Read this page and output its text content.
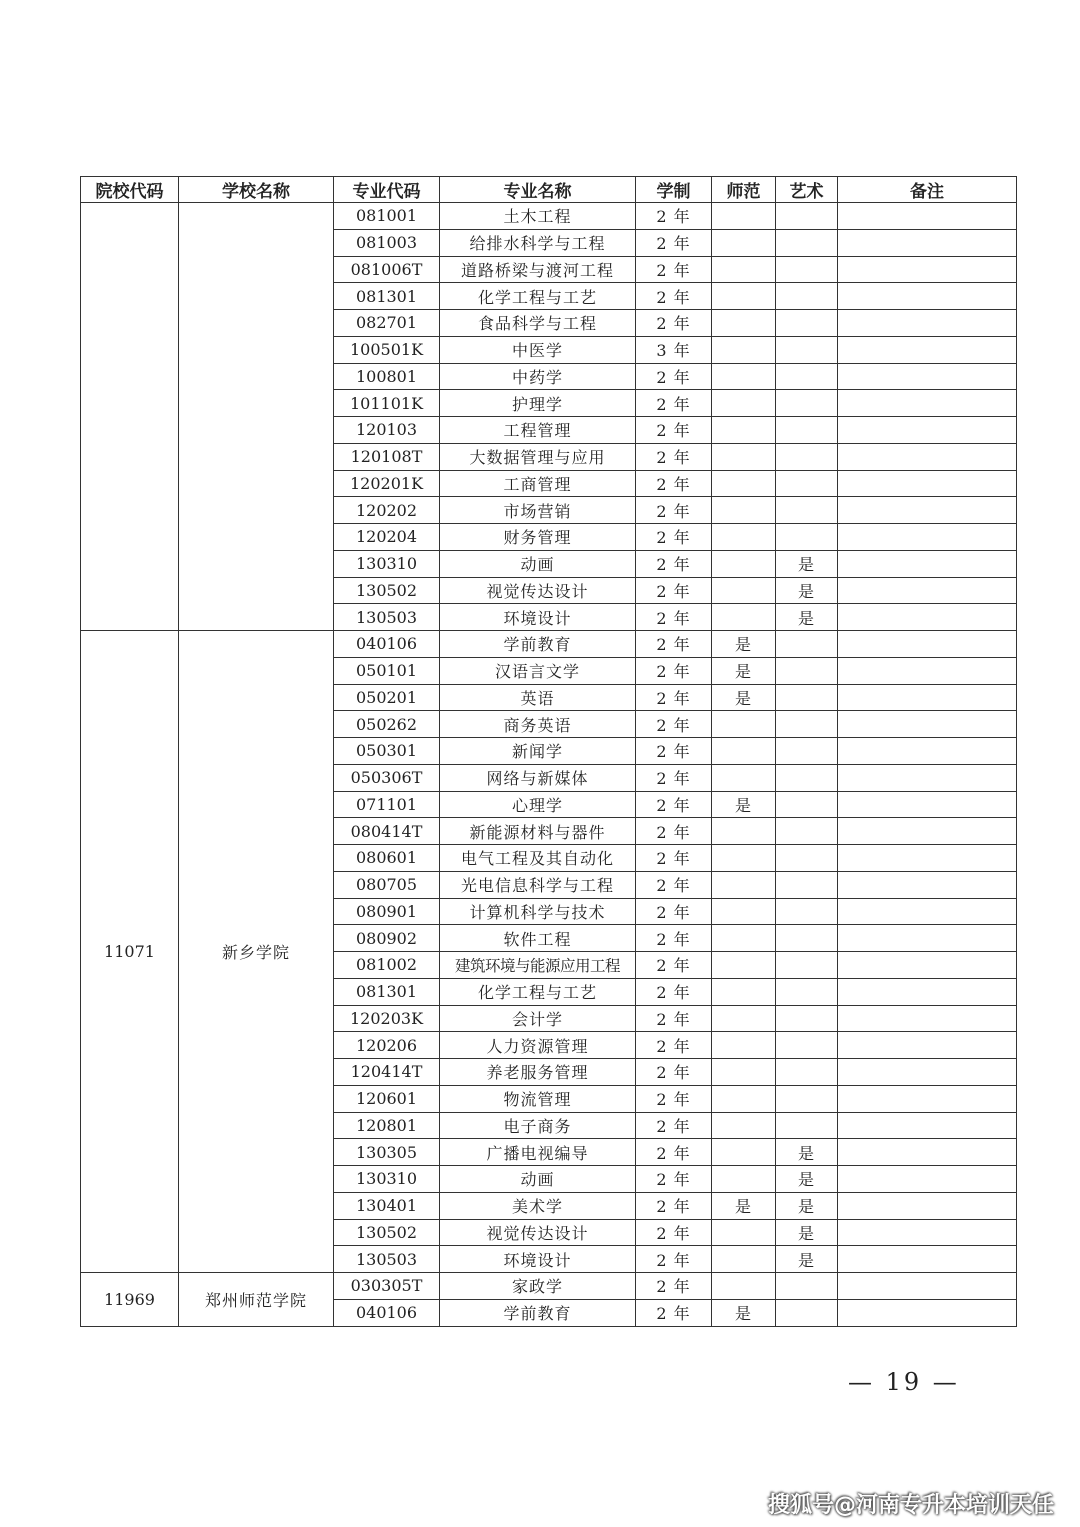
院校代码	学校名称	专业代码	专业名称	学制	师范	艺术	备注
		081001	土木工程	2 年			
		081003	给排水科学与工程	2 年			
		081006T	道路桥梁与渡河工程	2 年			
		081301	化学工程与工艺	2 年			
		082701	食品科学与工程	2 年			
		100501K	中医学	3 年			
		100801	中药学	2 年			
		101101K	护理学	2 年			
		120103	工程管理	2 年			
		120108T	大数据管理与应用	2 年			
		120201K	工商管理	2 年			
		120202	市场营销	2 年			
		120204	财务管理	2 年			
		130310	动画	2 年		是	
		130502	视觉传达设计	2 年		是	
		130503	环境设计	2 年		是	
11071	新乡学院	040106	学前教育	2 年	是		
		050101	汉语言文学	2 年	是		
		050201	英语	2 年	是		
		050262	商务英语	2 年			
		050301	新闻学	2 年			
		050306T	网络与新媒体	2 年			
		071101	心理学	2 年	是		
		080414T	新能源材料与器件	2 年			
		080601	电气工程及其自动化	2 年			
		080705	光电信息科学与工程	2 年			
		080901	计算机科学与技术	2 年			
		080902	软件工程	2 年			
		081002	建筑环境与能源应用工程	2 年			
		081301	化学工程与工艺	2 年			
		120203K	会计学	2 年			
		120206	人力资源管理	2 年			
		120414T	养老服务管理	2 年			
		120601	物流管理	2 年			
		120801	电子商务	2 年			
		130305	广播电视编导	2 年		是	
		130310	动画	2 年		是	
		130401	美术学	2 年	是	是	
		130502	视觉传达设计	2 年		是	
		130503	环境设计	2 年		是	
11969	郑州师范学院	030305T	家政学	2 年			
		040106	学前教育	2 年	是		
— 19 —
搜狐号@河南专升本培训天任
